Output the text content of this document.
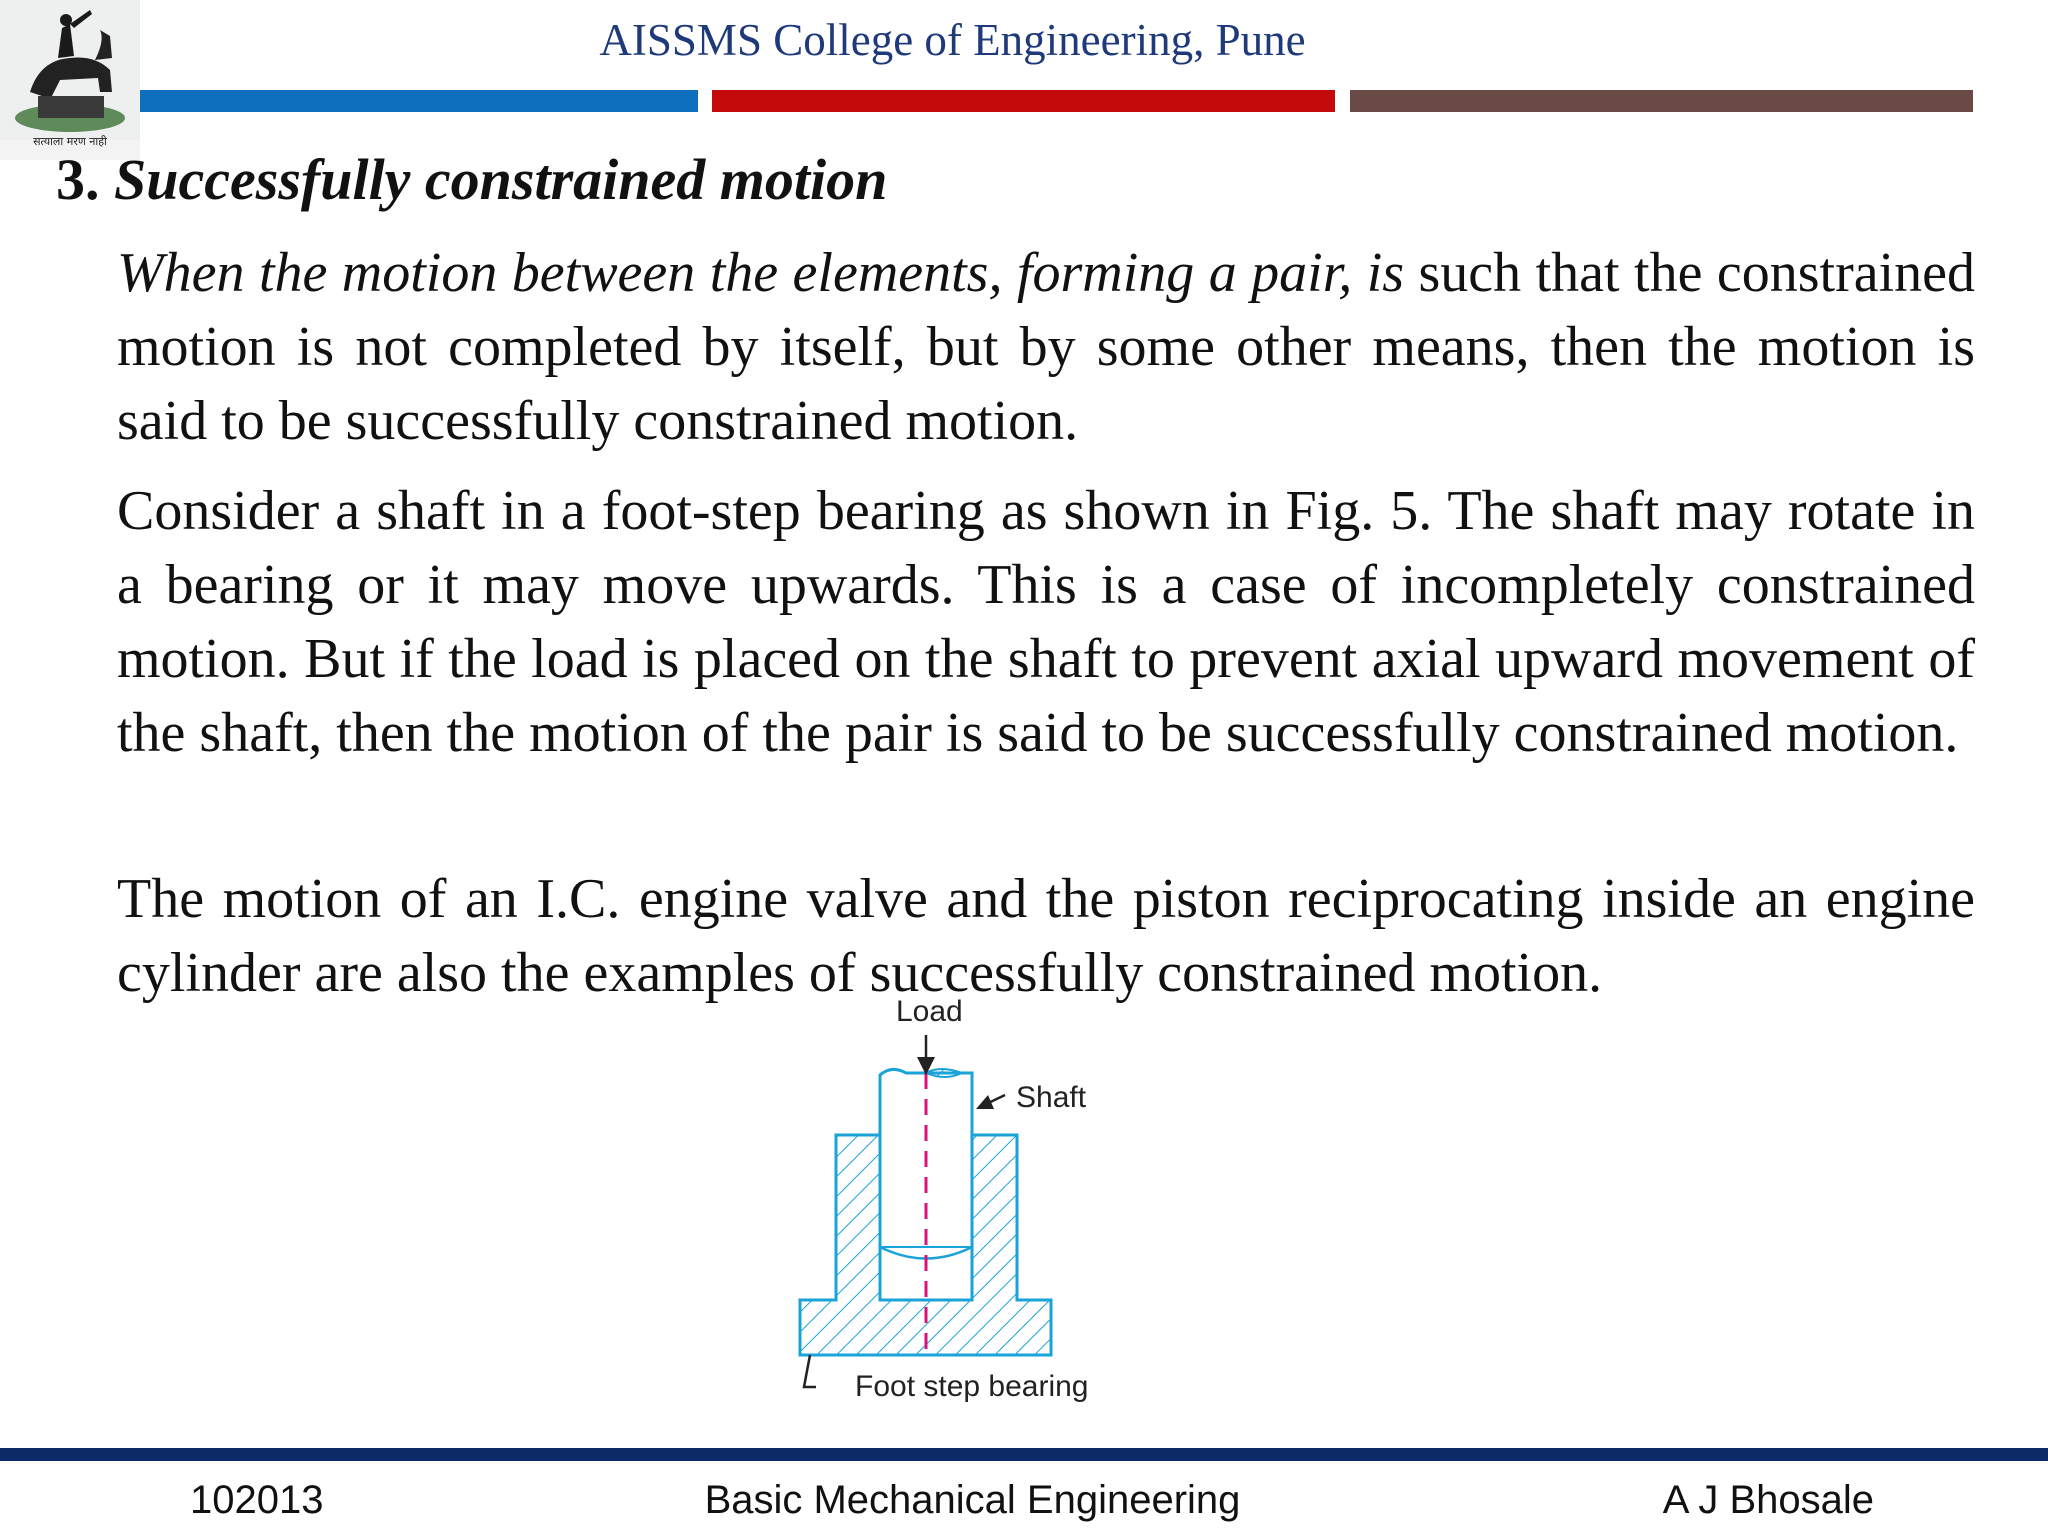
सत्याला मरण नाही
AISSMS College of Engineering, Pune
3. Successfully constrained motion
When the motion between the elements, forming a pair, is such that the constrained motion is not completed by itself, but by some other means, then the motion is said to be successfully constrained motion.
Consider a shaft in a foot-step bearing as shown in Fig. 5. The shaft may rotate in a bearing or it may move upwards. This is a case of incompletely constrained motion. But if the load is placed on the shaft to prevent axial upward movement of the shaft, then the motion of the pair is said to be successfully constrained motion.
The motion of an I.C. engine valve and the piston reciprocating inside an engine cylinder are also the examples of successfully constrained motion.
Load
Shaft
Foot step bearing
102013	Basic Mechanical Engineering	A J Bhosale
